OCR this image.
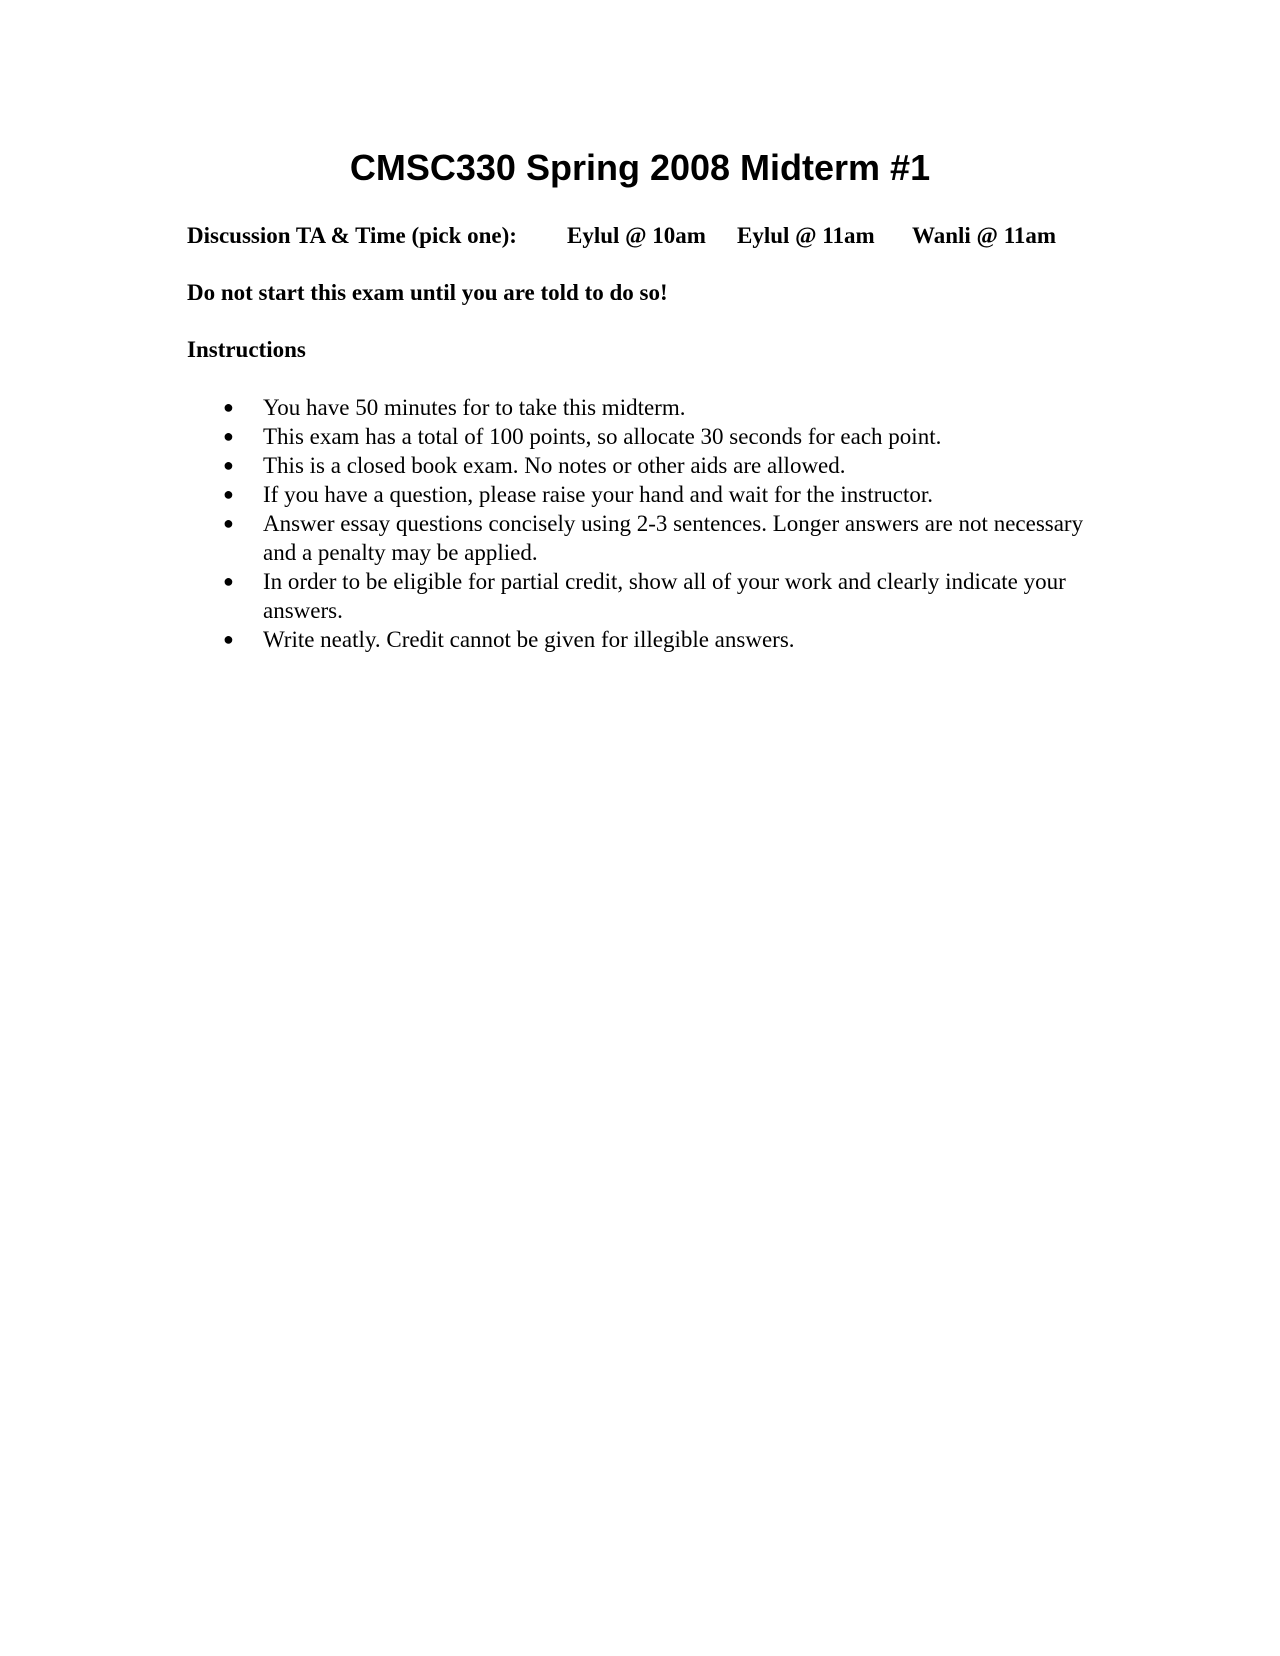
CMSC330 Spring 2008 Midterm #1
Discussion TA & Time (pick one): Eylul @ 10am Eylul @ 11am Wanli @ 11am
Do not start this exam until you are told to do so!
Instructions
● You have 50 minutes for to take this midterm.
● This exam has a total of 100 points, so allocate 30 seconds for each point.
● This is a closed book exam. No notes or other aids are allowed.
● If you have a question, please raise your hand and wait for the instructor.
● Answer essay questions concisely using 2-3 sentences. Longer answers are not necessary and a penalty may be applied.
● In order to be eligible for partial credit, show all of your work and clearly indicate your answers.
● Write neatly. Credit cannot be given for illegible answers.
